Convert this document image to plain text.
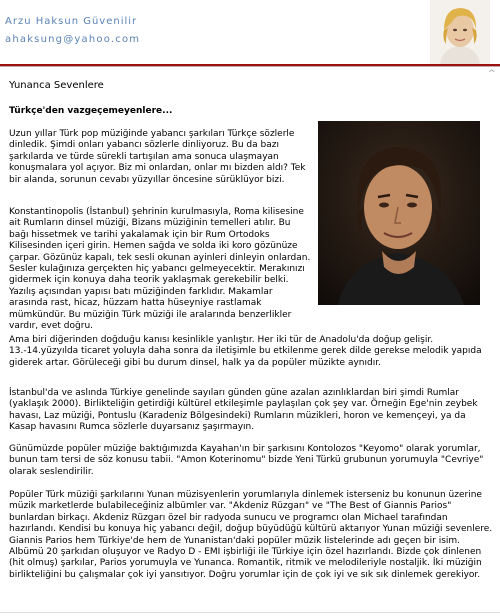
Arzu Haksun Güvenilir
ahaksung@yahoo.com
^
Yunanca Sevenlere
Türkçe'den vazgeçemeyenlere...

Uzun yıllar Türk pop müziğinde yabancı şarkıları Türkçe sözlerle dinledik. Şimdi onları yabancı sözlerle dinliyoruz. Bu da bazı şarkılarda ve türde sürekli tartışılan ama sonuca ulaşmayan konuşmalara yol açıyor. Biz mi onlardan, onlar mı bizden aldı? Tek bir alanda, sorunun cevabı yüzyıllar öncesine sürüklüyor bizi.

Konstantinopolis (İstanbul) şehrinin kurulmasıyla, Roma kilisesine ait Rumların dinsel müziği, Bizans müziğinin temelleri atılır. Bu bağı hissetmek ve tarihi yakalamak için bir Rum Ortodoks Kilisesinden içeri girin. Hemen sağda ve solda iki koro gözünüze çarpar. Gözünüz kapalı, tek sesli okunan ayinleri dinleyin onlardan. Sesler kulağınıza gerçekten hiç yabancı gelmeyecektir. Merakınızı gidermek için konuya daha teorik yaklaşmak gerekebilir belki. Yazılış açısından yapısı batı müziğinden farklıdır. Makamlar arasında rast, hicaz, hüzzam hatta hüseyniye rastlamak mümkündür. Bu müziğin Türk müziği ile aralarında benzerlikler vardır, evet doğru.

Ama biri diğerinden doğduğu kanısı kesinlikle yanlıştır. Her iki tür de Anadolu'da doğup gelişir. 13.-14.yüzyılda ticaret yoluyla daha sonra da iletişimle bu etkilenme gerek dilde gerekse melodik yapıda giderek artar. Görüleceği gibi bu durum dinsel, halk ya da popüler müzikte aynıdır.

İstanbul'da ve aslında Türkiye genelinde sayıları günden güne azalan azınlıklardan biri şimdi Rumlar (yaklaşık 2000). Birlikteliğin getirdiği kültürel etkileşimle paylaşılan çok şey var. Örneğin Ege'nin zeybek havası, Laz müziği, Pontuslu (Karadeniz Bölgesindeki) Rumların müzikleri, horon ve kemençeyi, ya da Kasap havasını Rumca sözlerle duyarsanız şaşırmayın.

Günümüzde popüler müziğe baktığımızda Kayahan'ın bir şarkısını Kontolozos "Keyomo" olarak yorumlar, bunun tam tersi de söz konusu tabii. "Amon Koterinomu" bizde Yeni Türkü grubunun yorumuyla "Cevriye" olarak seslendirilir.

Popüler Türk müziği şarkılarını Yunan müzisyenlerin yorumlarıyla dinlemek isterseniz bu konunun üzerine müzik marketlerde bulabileceğiniz albümler var. "Akdeniz Rüzgarı" ve "The Best of Giannis Parios" bunlardan birkaçı. Akdeniz Rüzgarı özel bir radyoda sunucu ve programcı olan Michael tarafından hazırlandı. Kendisi bu konuya hiç yabancı değil, doğup büyüdüğü kültürü aktarıyor Yunan müziği sevenlere. Giannis Parios hem Türkiye'de hem de Yunanistan'daki popüler müzik listelerinde adı geçen bir isim. Albümü 20 şarkıdan oluşuyor ve Radyo D - EMI işbirliği ile Türkiye için özel hazırlandı. Bizde çok dinlenen (hit olmuş) şarkılar, Parios yorumuyla ve Yunanca. Romantik, ritmik ve melodileriyle nostaljik. İki müziğin birlikteliğini bu çalışmalar çok iyi yansıtıyor. Doğru yorumlar için de çok iyi ve sık sık dinlemek gerekiyor.
